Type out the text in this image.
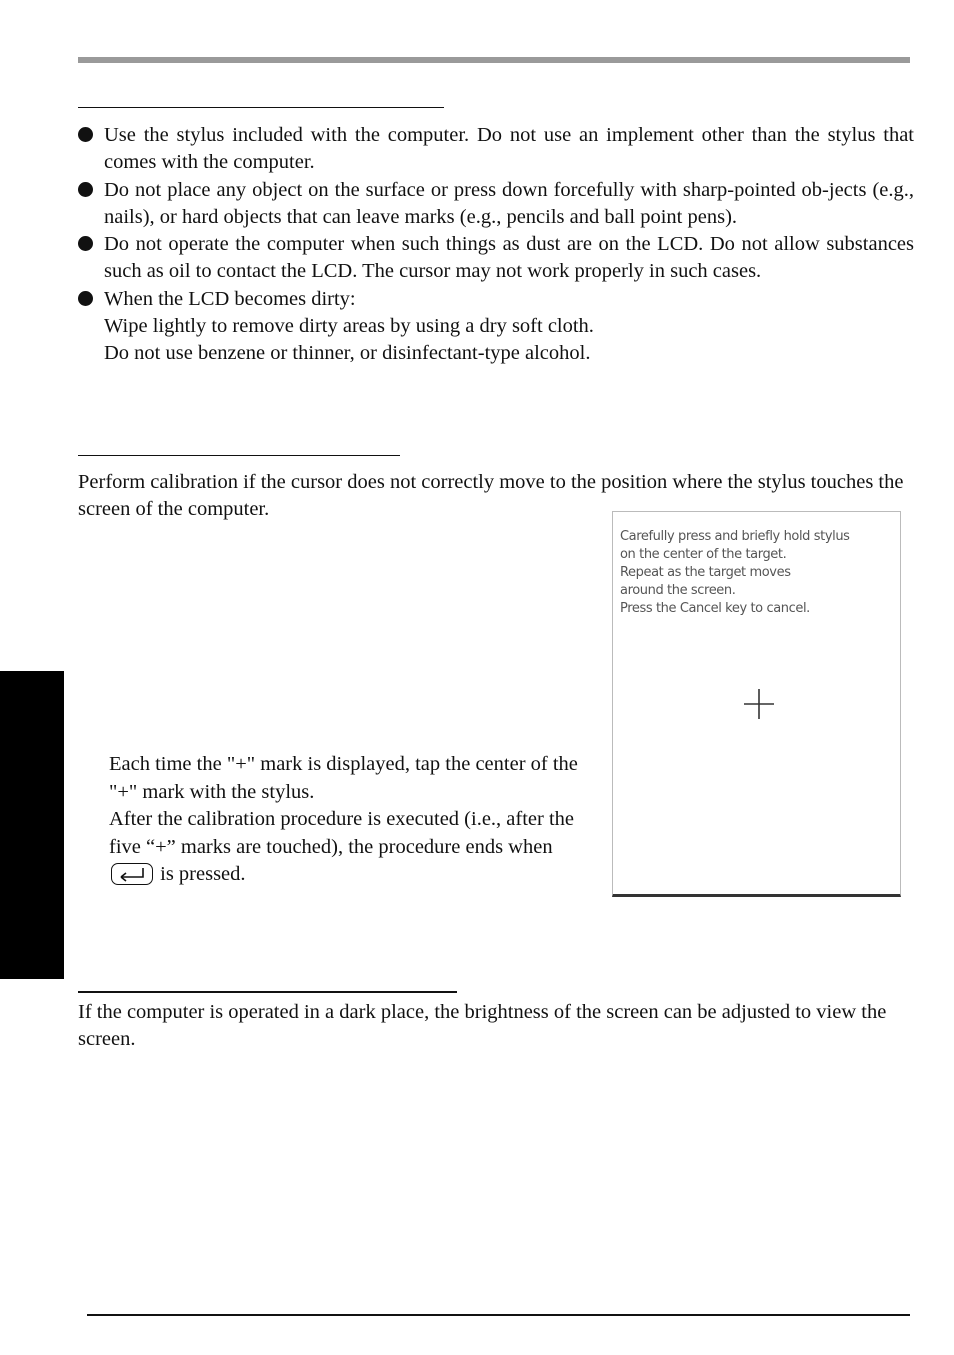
Use the stylus included with the computer. Do not use an implement other than the stylus that comes with the computer.
Do not place any object on the surface or press down forcefully with sharp-pointed ob-jects (e.g., nails), or hard objects that can leave marks (e.g., pencils and ball point pens).
Do not operate the computer when such things as dust are on the LCD. Do not allow substances such as oil to contact the LCD. The cursor may not work properly in such cases.
When the LCD becomes dirty:
Wipe lightly to remove dirty areas by using a dry soft cloth.
Do not use benzene or thinner, or disinfectant-type alcohol.

Perform calibration if the cursor does not correctly move to the position where the stylus touches the screen of the computer.

Each time the "+" mark is displayed, tap the center of the "+" mark with the stylus.

After the calibration procedure is executed (i.e., after the five “+” marks are touched), the procedure ends when
is pressed.

Carefully press and briefly hold stylus
on the center of the target.
Repeat as the target moves
around the screen.
Press the Cancel key to cancel.

If the computer is operated in a dark place, the brightness of the screen can be adjusted to view the screen.
